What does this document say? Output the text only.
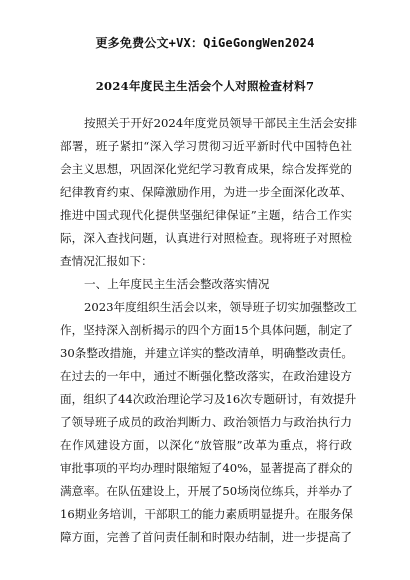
更多免费公文+VX：QiGeGongWen2024
2024年度民主生活会个人对照检查材料7
按照关于开好2024年度党员领导干部民主生活会安排
部署，班子紧扣“深入学习贯彻习近平新时代中国特色社
会主义思想，巩固深化党纪学习教育成果，综合发挥党的
纪律教育约束、保障激励作用，为进一步全面深化改革、
推进中国式现代化提供坚强纪律保证”主题，结合工作实
际，深入查找问题，认真进行对照检查。现将班子对照检
查情况汇报如下：
一、上年度民主生活会整改落实情况
2023年度组织生活会以来，领导班子切实加强整改工
作，坚持深入剖析揭示的四个方面15个具体问题，制定了
30条整改措施，并建立详实的整改清单，明确整改责任。
在过去的一年中，通过不断强化整改落实，在政治建设方
面，组织了44次政治理论学习及16次专题研讨，有效提升
了领导班子成员的政治判断力、政治领悟力与政治执行力
在作风建设方面，以深化“放管服”改革为重点，将行政
审批事项的平均办理时限缩短了40%，显著提高了群众的
满意率。在队伍建设上，开展了50场岗位练兵，并举办了
16期业务培训，干部职工的能力素质明显提升。在服务保
障方面，完善了首问责任制和时限办结制，进一步提高了
